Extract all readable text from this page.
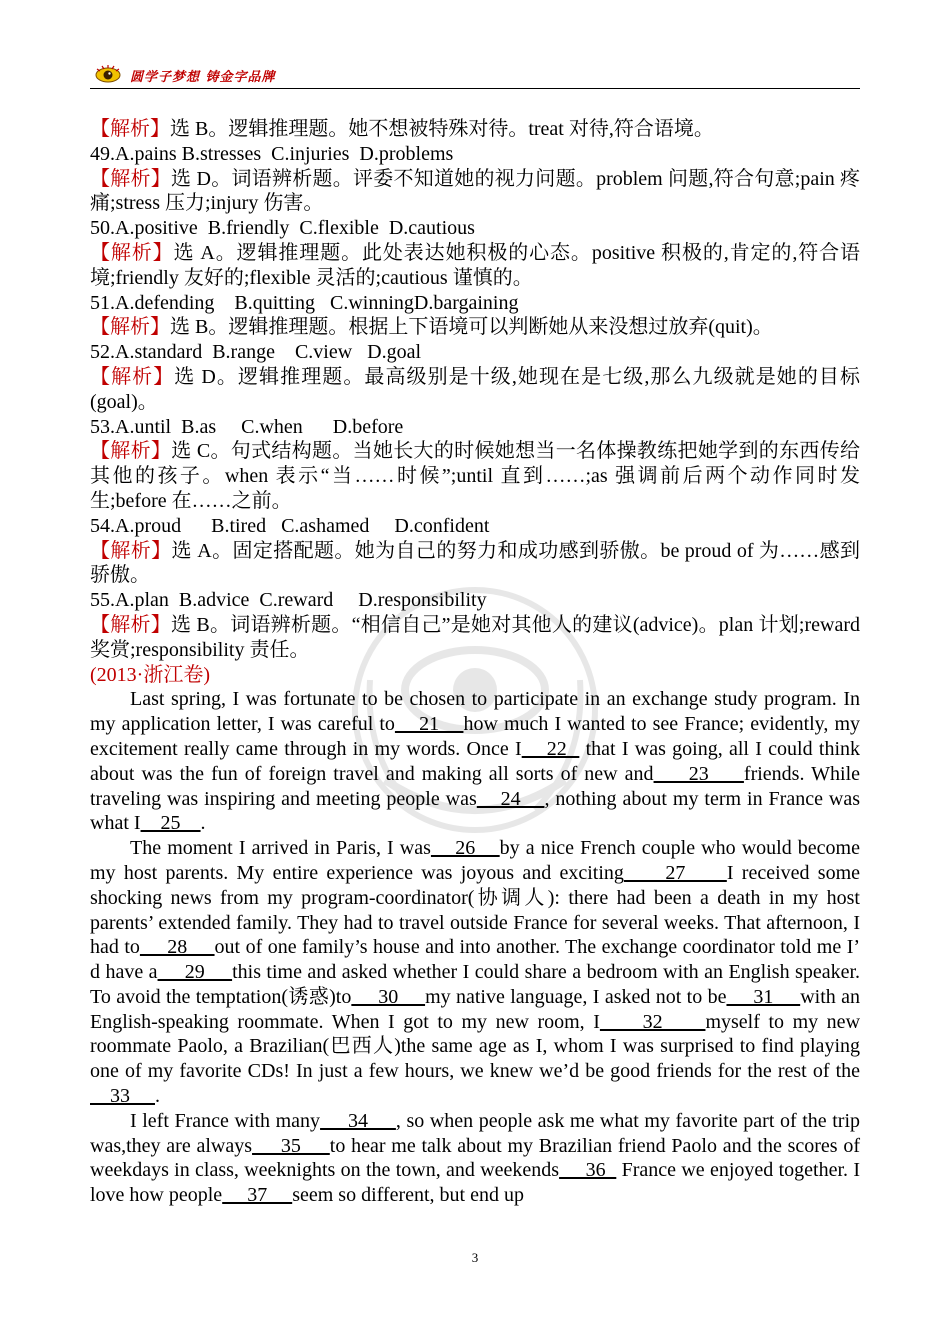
圆学子梦想 铸金字品牌
【解析】选 B。逻辑推理题。她不想被特殊对待。treat 对待,符合语境。
49.A.pains B.stresses  C.injuries  D.problems
【解析】选 D。词语辨析题。评委不知道她的视力问题。problem 问题,符合句意;pain 疼痛;stress 压力;injury 伤害。
50.A.positive  B.friendly  C.flexible  D.cautious
【解析】选 A。逻辑推理题。此处表达她积极的心态。positive 积极的,肯定的,符合语境;friendly 友好的;flexible 灵活的;cautious 谨慎的。
51.A.defending    B.quitting   C.winningD.bargaining
【解析】选 B。逻辑推理题。根据上下语境可以判断她从来没想过放弃(quit)。
52.A.standard  B.range    C.view   D.goal
【解析】选 D。逻辑推理题。最高级别是十级,她现在是七级,那么九级就是她的目标(goal)。
53.A.until  B.as     C.when      D.before
【解析】选 C。句式结构题。当她长大的时候她想当一名体操教练把她学到的东西传给其他的孩子。when 表示“当……时候”;until 直到……;as 强调前后两个动作同时发生;before 在……之前。
54.A.proud      B.tired   C.ashamed     D.confident
【解析】选 A。固定搭配题。她为自己的努力和成功感到骄傲。be proud of 为……感到骄傲。
55.A.plan  B.advice  C.reward     D.responsibility
【解析】选 B。词语辨析题。“相信自己”是她对其他人的建议(advice)。plan 计划;reward 奖赏;responsibility 责任。
(2013·浙江卷)

Last spring, I was fortunate to be chosen to participate in an exchange study program. In my application letter, I was careful to    21    how much I wanted to see France; evidently, my excitement really came through in my words. Once I    22   that I was going, all I could think about was the fun of foreign travel and making all sorts of new and     23     friends. While traveling was inspiring and meeting people was    24    , nothing about my term in France was what I    25    .

The moment I arrived in Paris, I was    26    by a nice French couple who would become my host parents. My entire experience was joyous and exciting     27     I received some shocking news from my program-coordinator(协调人): there had been a death in my host parents’ extended family. They had to travel outside France for several weeks. That afternoon, I had to     28     out of one family’s house and into another. The exchange coordinator told me I’ d have a     29     this time and asked whether I could share a bedroom with an English speaker. To avoid the temptation(诱惑)to     30     my native language, I asked not to be     31     with an English-speaking roommate. When I got to my new room, I     32     myself to my new roommate Paolo, a Brazilian(巴西人)the same age as I, whom I was surprised to find playing one of my favorite CDs! In just a few hours, we knew we’d be good friends for the rest of the    33     .

I left France with many     34     , so when people ask me what my favorite part of the trip was,they are always     35     to hear me talk about my Brazilian friend Paolo and the scores of weekdays in class, weeknights on the town, and weekends     36   France we enjoyed together. I love how people     37     seem so different, but end up

3
